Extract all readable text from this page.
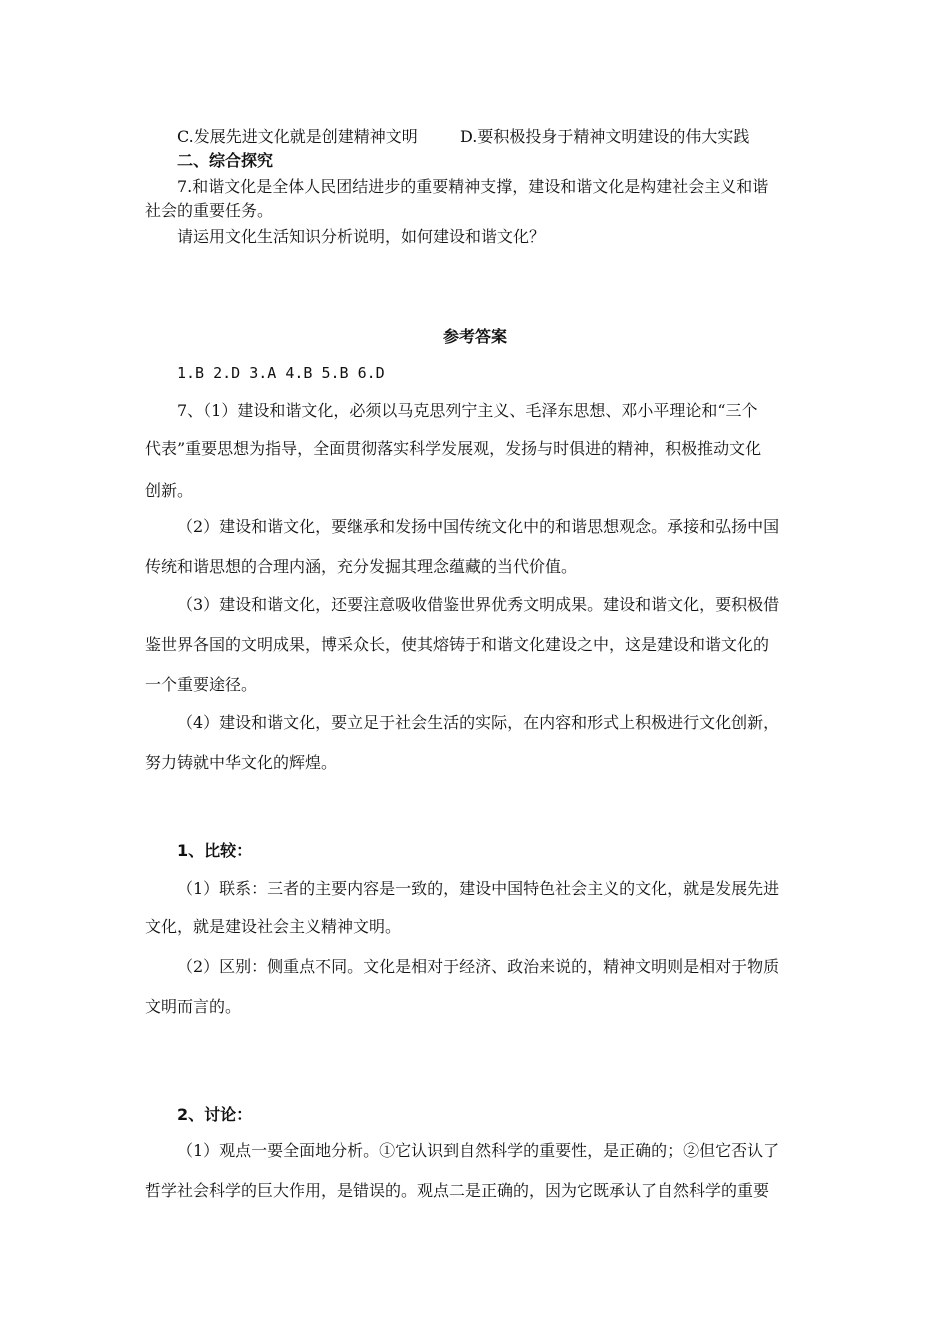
C.发展先进文化就是创建精神文明	D.要积极投身于精神文明建设的伟大实践
二、综合探究
7.和谐文化是全体人民团结进步的重要精神支撑，建设和谐文化是构建社会主义和谐
社会的重要任务。
请运用文化生活知识分析说明，如何建设和谐文化？
参考答案
1.B 2.D 3.A 4.B 5.B 6.D
7、（1）建设和谐文化，必须以马克思列宁主义、毛泽东思想、邓小平理论和“三个
代表”重要思想为指导，全面贯彻落实科学发展观，发扬与时俱进的精神，积极推动文化
创新。
（2）建设和谐文化，要继承和发扬中国传统文化中的和谐思想观念。承接和弘扬中国
传统和谐思想的合理内涵，充分发掘其理念蕴藏的当代价值。
（3）建设和谐文化，还要注意吸收借鉴世界优秀文明成果。建设和谐文化，要积极借
鉴世界各国的文明成果，博采众长，使其熔铸于和谐文化建设之中，这是建设和谐文化的
一个重要途径。
（4）建设和谐文化，要立足于社会生活的实际，在内容和形式上积极进行文化创新，
努力铸就中华文化的辉煌。
1、比较：
（1）联系：三者的主要内容是一致的，建设中国特色社会主义的文化，就是发展先进
文化，就是建设社会主义精神文明。
（2）区别：侧重点不同。文化是相对于经济、政治来说的，精神文明则是相对于物质
文明而言的。
2、讨论：
（1）观点一要全面地分析。①它认识到自然科学的重要性，是正确的；②但它否认了
哲学社会科学的巨大作用，是错误的。观点二是正确的，因为它既承认了自然科学的重要
